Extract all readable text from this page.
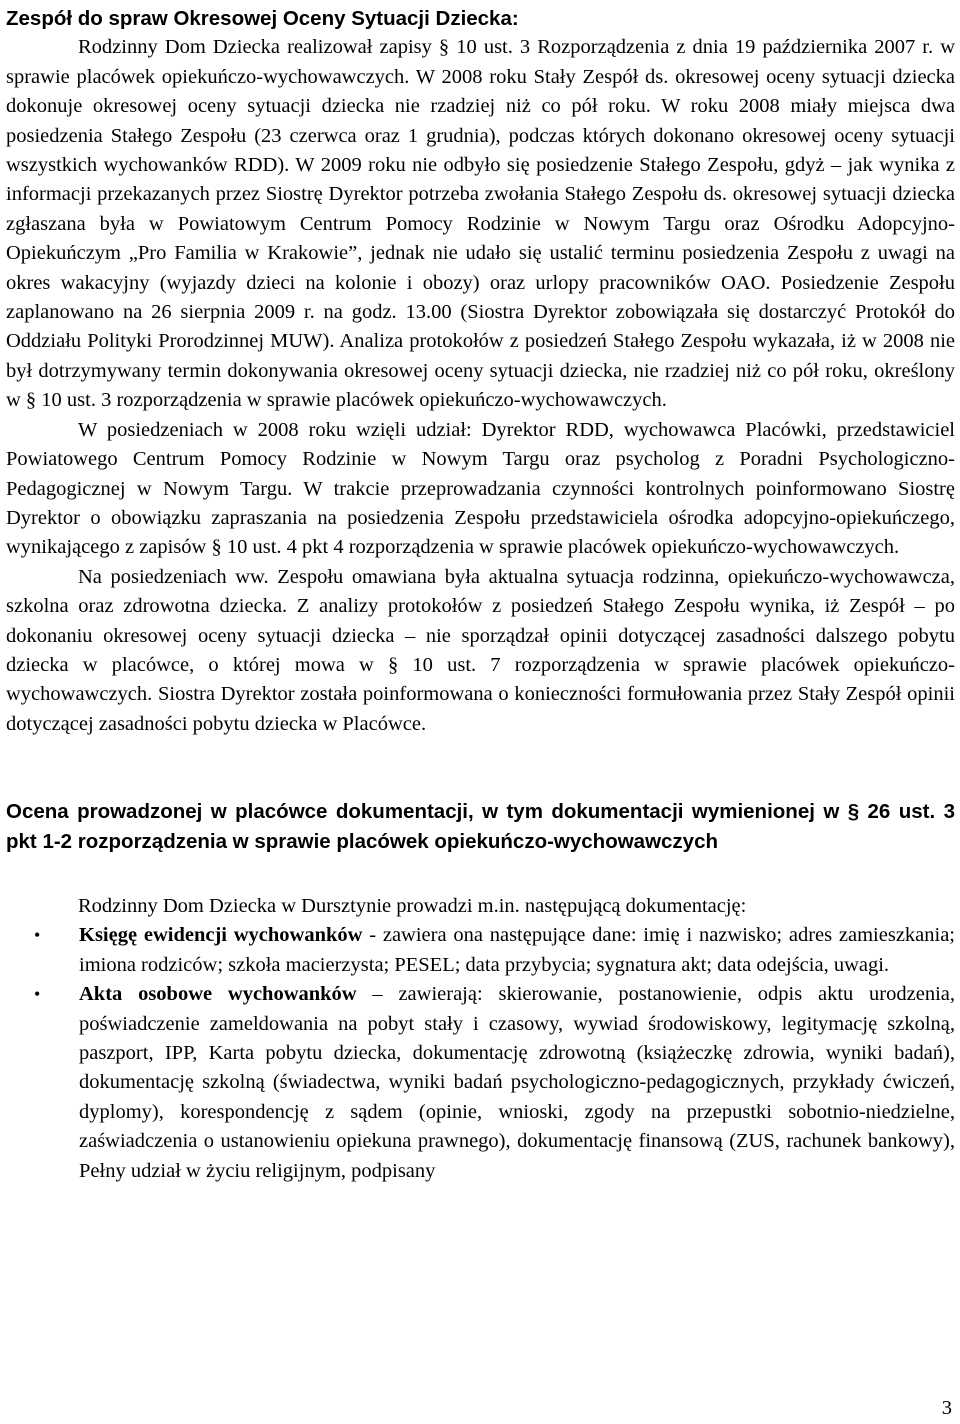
Zespół do spraw Okresowej Oceny Sytuacji Dziecka:

Rodzinny Dom Dziecka realizował zapisy § 10 ust. 3 Rozporządzenia z dnia 19 października 2007 r. w sprawie placówek opiekuńczo-wychowawczych. W 2008 roku Stały Zespół ds. okresowej oceny sytuacji dziecka dokonuje okresowej oceny sytuacji dziecka nie rzadziej niż co pół roku. W roku 2008 miały miejsca dwa posiedzenia Stałego Zespołu (23 czerwca oraz 1 grudnia), podczas których dokonano okresowej oceny sytuacji wszystkich wychowanków RDD). W 2009 roku nie odbyło się posiedzenie Stałego Zespołu, gdyż – jak wynika z informacji przekazanych przez Siostrę Dyrektor potrzeba zwołania Stałego Zespołu ds. okresowej sytuacji dziecka zgłaszana była w Powiatowym Centrum Pomocy Rodzinie w Nowym Targu oraz Ośrodku Adopcyjno-Opiekuńczym „Pro Familia w Krakowie”, jednak nie udało się ustalić terminu posiedzenia Zespołu z uwagi na okres wakacyjny (wyjazdy dzieci na kolonie i obozy) oraz urlopy pracowników OAO. Posiedzenie Zespołu zaplanowano na 26 sierpnia 2009 r. na godz. 13.00 (Siostra Dyrektor zobowiązała się dostarczyć Protokół do Oddziału Polityki Prorodzinnej MUW). Analiza protokołów z posiedzeń Stałego Zespołu wykazała, iż w 2008 nie był dotrzymywany termin dokonywania okresowej oceny sytuacji dziecka, nie rzadziej niż co pół roku, określony w § 10 ust. 3 rozporządzenia w sprawie placówek opiekuńczo-wychowawczych.

W posiedzeniach w 2008 roku wzięli udział: Dyrektor RDD, wychowawca Placówki, przedstawiciel Powiatowego Centrum Pomocy Rodzinie w Nowym Targu oraz psycholog z Poradni Psychologiczno-Pedagogicznej w Nowym Targu. W trakcie przeprowadzania czynności kontrolnych poinformowano Siostrę Dyrektor o obowiązku zapraszania na posiedzenia Zespołu przedstawiciela ośrodka adopcyjno-opiekuńczego, wynikającego z zapisów § 10 ust. 4 pkt 4 rozporządzenia w sprawie placówek opiekuńczo-wychowawczych.

Na posiedzeniach ww. Zespołu omawiana była aktualna sytuacja rodzinna, opiekuńczo-wychowawcza, szkolna oraz zdrowotna dziecka. Z analizy protokołów z posiedzeń Stałego Zespołu wynika, iż Zespół – po dokonaniu okresowej oceny sytuacji dziecka – nie sporządzał opinii dotyczącej zasadności dalszego pobytu dziecka w placówce, o której mowa w § 10 ust. 7 rozporządzenia w sprawie placówek opiekuńczo-wychowawczych. Siostra Dyrektor została poinformowana o konieczności formułowania przez Stały Zespół opinii dotyczącej zasadności pobytu dziecka w Placówce.

Ocena prowadzonej w placówce dokumentacji, w tym dokumentacji wymienionej w § 26 ust. 3 pkt 1-2 rozporządzenia w sprawie placówek opiekuńczo-wychowawczych

Rodzinny Dom Dziecka w Dursztynie prowadzi m.in. następującą dokumentację:

• Księgę ewidencji wychowanków - zawiera ona następujące dane: imię i nazwisko; adres zamieszkania; imiona rodziców; szkoła macierzysta; PESEL; data przybycia; sygnatura akt; data odejścia, uwagi.
• Akta osobowe wychowanków – zawierają: skierowanie, postanowienie, odpis aktu urodzenia, poświadczenie zameldowania na pobyt stały i czasowy, wywiad środowiskowy, legitymację szkolną, paszport, IPP, Karta pobytu dziecka, dokumentację zdrowotną (książeczkę zdrowia, wyniki badań), dokumentację szkolną (świadectwa, wyniki badań psychologiczno-pedagogicznych, przykłady ćwiczeń, dyplomy), korespondencję z sądem (opinie, wnioski, zgody na przepustki sobotnio-niedzielne, zaświadczenia o ustanowieniu opiekuna prawnego), dokumentację finansową (ZUS, rachunek bankowy), Pełny udział w życiu religijnym, podpisany
3
